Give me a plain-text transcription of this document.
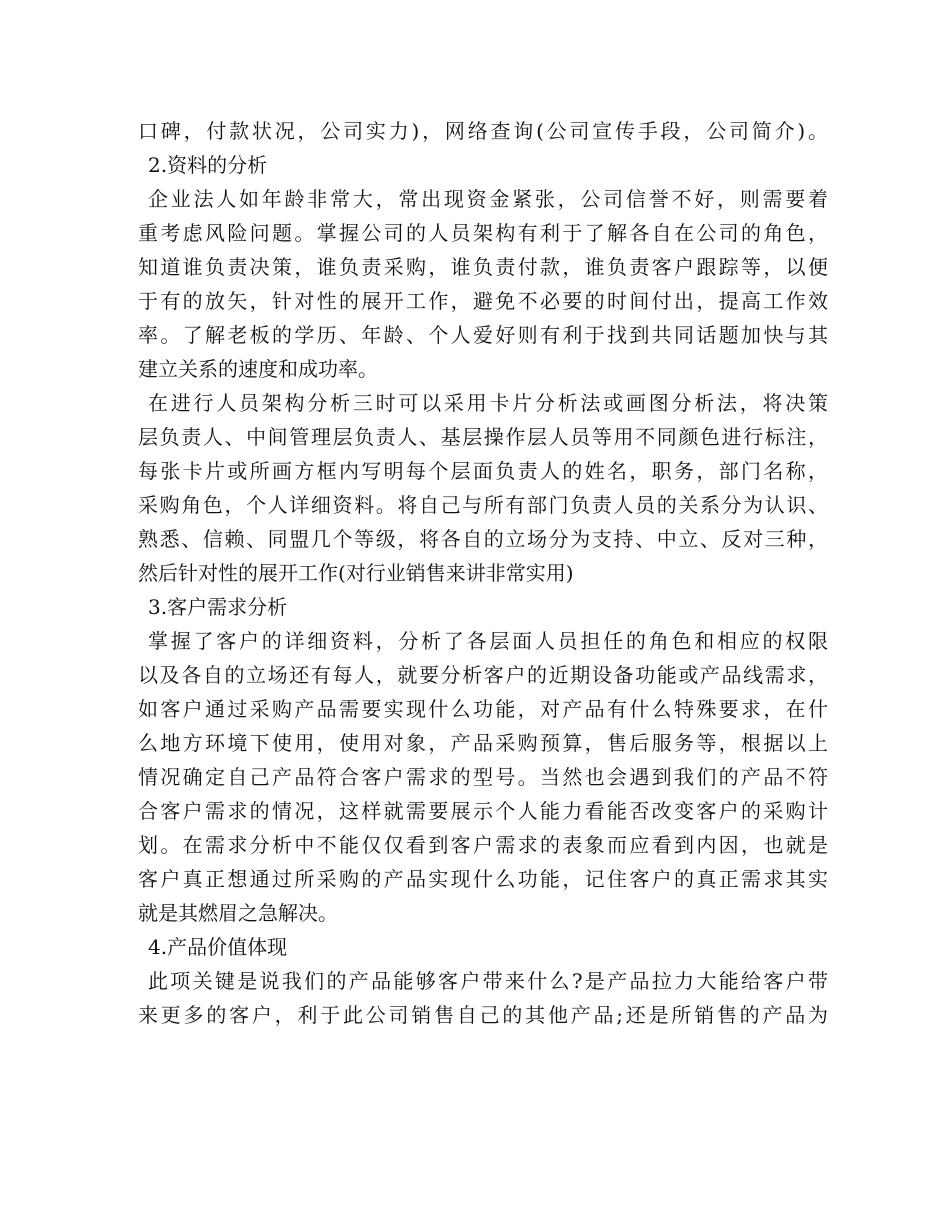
口碑，付款状况，公司实力)，网络查询(公司宣传手段，公司简介)。
2.资料的分析
企业法人如年龄非常大，常出现资金紧张，公司信誉不好，则需要着
重考虑风险问题。掌握公司的人员架构有利于了解各自在公司的角色，
知道谁负责决策，谁负责采购，谁负责付款，谁负责客户跟踪等，以便
于有的放矢，针对性的展开工作，避免不必要的时间付出，提高工作效
率。了解老板的学历、年龄、个人爱好则有利于找到共同话题加快与其
建立关系的速度和成功率。
在进行人员架构分析三时可以采用卡片分析法或画图分析法，将决策
层负责人、中间管理层负责人、基层操作层人员等用不同颜色进行标注，
每张卡片或所画方框内写明每个层面负责人的姓名，职务，部门名称，
采购角色，个人详细资料。将自己与所有部门负责人员的关系分为认识、
熟悉、信赖、同盟几个等级，将各自的立场分为支持、中立、反对三种，
然后针对性的展开工作(对行业销售来讲非常实用)
3.客户需求分析
掌握了客户的详细资料，分析了各层面人员担任的角色和相应的权限
以及各自的立场还有每人，就要分析客户的近期设备功能或产品线需求，
如客户通过采购产品需要实现什么功能，对产品有什么特殊要求，在什
么地方环境下使用，使用对象，产品采购预算，售后服务等，根据以上
情况确定自己产品符合客户需求的型号。当然也会遇到我们的产品不符
合客户需求的情况，这样就需要展示个人能力看能否改变客户的采购计
划。在需求分析中不能仅仅看到客户需求的表象而应看到内因，也就是
客户真正想通过所采购的产品实现什么功能，记住客户的真正需求其实
就是其燃眉之急解决。
4.产品价值体现
此项关键是说我们的产品能够客户带来什么?是产品拉力大能给客户带
来更多的客户，利于此公司销售自己的其他产品;还是所销售的产品为
